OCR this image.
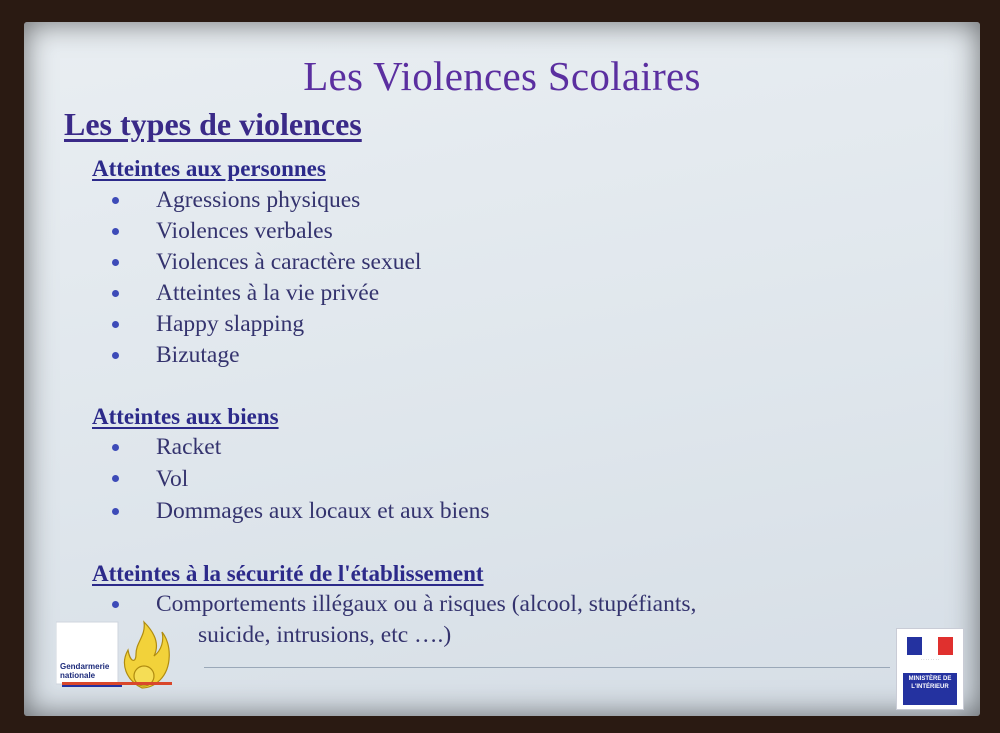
Les Violences Scolaires
Les types de violences
Atteintes aux personnes
Agressions physiques
Violences verbales
Violences à caractère sexuel
Atteintes à la vie privée
Happy slapping
Bizutage
Atteintes aux biens
Racket
Vol
Dommages aux locaux et aux biens
Atteintes à la sécurité de l'établissement
Comportements illégaux ou à risques (alcool, stupéfiants,
suicide, intrusions, etc ….)
Gendarmerie nationale
· · · · · · · ·
MINISTÈRE DE L'INTÉRIEUR
